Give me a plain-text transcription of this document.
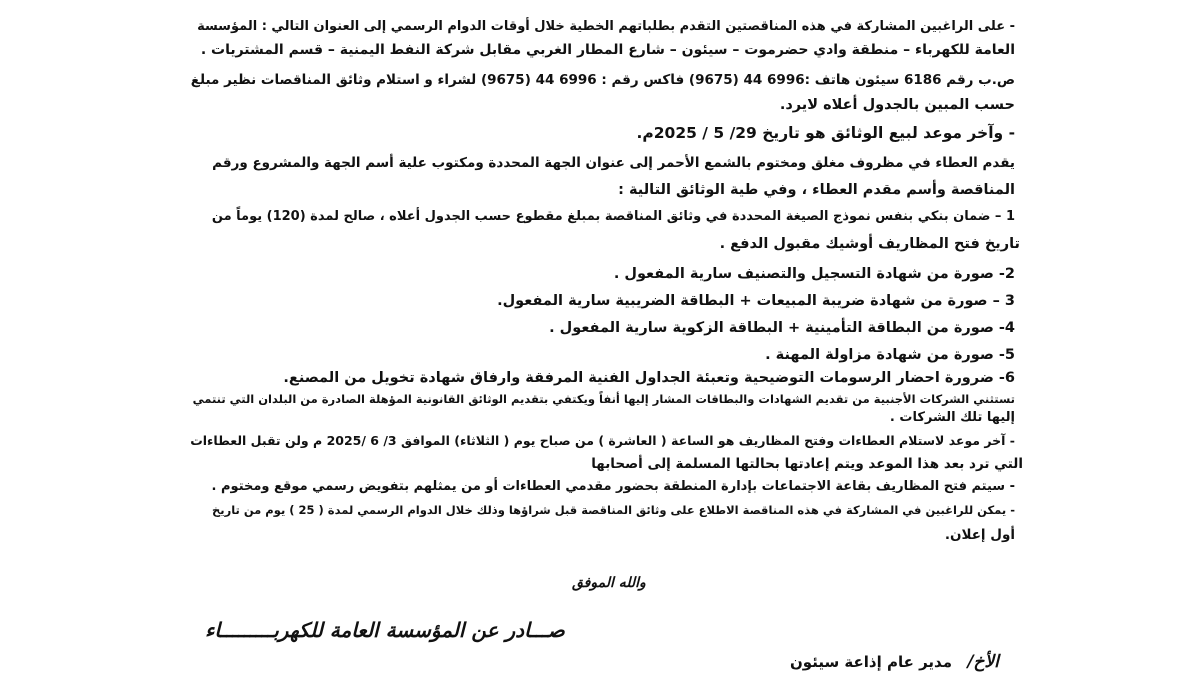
- على الراغبين المشاركة في هذه المناقصتين التقدم بطلباتهم الخطية خلال أوقات الدوام الرسمي إلى العنوان التالي : المؤسسة
العامة للكهرباء – منطقة وادي حضرموت – سيئون – شارع المطار الغربي مقابل شركة النفط اليمنية – قسم المشتريات .
ص.ب رقم 6186 سيئون هاتف :6996 44 (9675) فاكس رقم : 6996 44 (9675) لشراء و استلام وثائق المناقصات نظير مبلغ
حسب المبين بالجدول أعلاه لايرد.
- وآخر موعد لبيع الوثائق هو تاريخ 29/ 5 / 2025م.
يقدم العطاء في مظروف مغلق ومختوم بالشمع الأحمر إلى عنوان الجهة المحددة ومكتوب علية أسم الجهة والمشروع ورقم
المناقصة وأسم مقدم العطاء ، وفي طية الوثائق التالية :
1 – ضمان بنكي بنفس نموذج الصيغة المحددة في وثائق المناقصة بمبلغ مقطوع حسب الجدول أعلاه ، صالح لمدة (120) يوماً من
تاريخ فتح المظاريف أوشيك مقبول الدفع .
2- صورة من شهادة التسجيل والتصنيف سارية المفعول .
3 – صورة من شهادة ضريبة المبيعات + البطاقة الضريبية سارية المفعول.
4- صورة من البطاقة التأمينية + البطاقة الزكوية سارية المفعول .
5- صورة من شهادة مزاولة المهنة .
6- ضرورة احضار الرسومات التوضيحية وتعبئة الجداول الفنية المرفقة وارفاق شهادة تخويل من المصنع.
تستثني الشركات الأجنبية من تقديم الشهادات والبطاقات المشار إليها أنفاً ويكتفي بتقديم الوثائق القانونية المؤهلة الصادرة من البلدان التي تنتمي
إليها تلك الشركات .
- آخر موعد لاستلام العطاءات وفتح المظاريف هو الساعة ( العاشرة ) من صباح يوم ( الثلاثاء) الموافق 3/ 6 /2025 م ولن تقبل العطاءات
التي ترد بعد هذا الموعد ويتم إعادتها بحالتها المسلمة إلى أصحابها
- سيتم فتح المظاريف بقاعة الاجتماعات بإدارة المنطقة بحضور مقدمي العطاءات أو من يمثلهم بتفويض رسمي موقع ومختوم .
- يمكن للراغبين في المشاركة في هذه المناقصة الاطلاع على وثائق المناقصة قبل شراؤها وذلك خلال الدوام الرسمي لمدة ( 25 ) يوم من تاريخ
أول إعلان.
والله الموفق
صـــادر عن المؤسسة العامة للكهربـــــــــاء
الأخ/ مدير عام إذاعة سيئون
